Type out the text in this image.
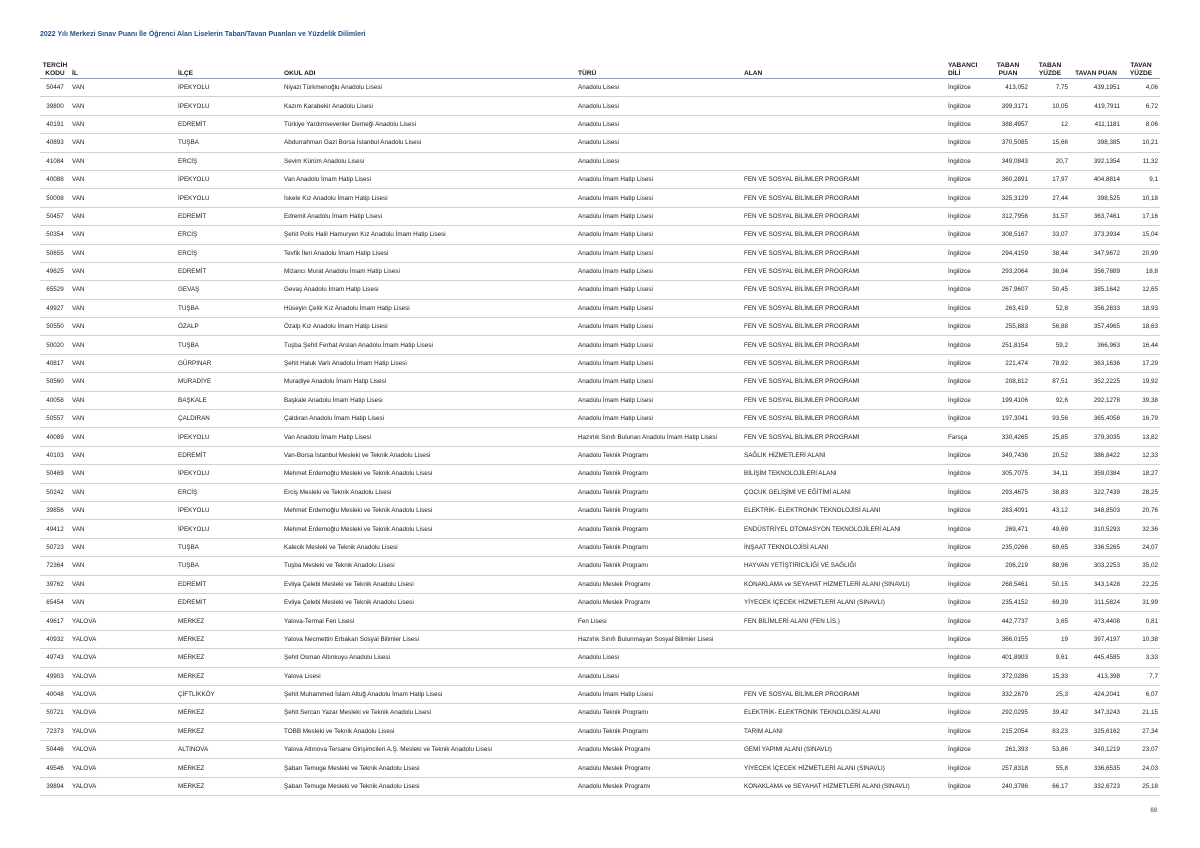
2022 Yılı Merkezi Sınav Puanı İle Öğrenci Alan Liselerin Taban/Tavan Puanları ve Yüzdelik Dilimleri
TERCİH KODU	İL	İLÇE	OKUL ADI	TÜRÜ	ALAN	YABANCI DİLİ	TABAN PUAN	TABAN YÜZDE	TAVAN PUAN	TAVAN YÜZDE
50447	VAN	İPEKYOLU	Niyazi Türkmenoğlu Anadolu Lisesi	Anadolu Lisesi		İngilizce	413,052	7,75	439,1951	4,06
39800	VAN	İPEKYOLU	Kazım Karabekir Anadolu Lisesi	Anadolu Lisesi		İngilizce	399,3171	10,05	419,7911	6,72
40191	VAN	EDREMİT	Türkiye Yardımsevenler Derneği Anadolu Lisesi	Anadolu Lisesi		İngilizce	388,4957	12	411,1181	8,06
40893	VAN	TUŞBA	Abdurrahman Gazi Borsa İstanbul Anadolu Lisesi	Anadolu Lisesi		İngilizce	370,5085	15,66	398,385	10,21
41084	VAN	ERCİŞ	Sevim Kürüm Anadolu Lisesi	Anadolu Lisesi		İngilizce	349,0843	20,7	392,1354	11,32
40088	VAN	İPEKYOLU	Van Anadolu İmam Hatip Lisesi	Anadolu İmam Hatip Lisesi	FEN VE SOSYAL BİLİMLER PROGRAMI	İngilizce	360,2891	17,97	404,8814	9,1
50008	VAN	İPEKYOLU	İskele Kız Anadolu İmam Hatip Lisesi	Anadolu İmam Hatip Lisesi	FEN VE SOSYAL BİLİMLER PROGRAMI	İngilizce	325,3129	27,44	398,525	10,18
50457	VAN	EDREMİT	Edremit Anadolu İmam Hatip Lisesi	Anadolu İmam Hatip Lisesi	FEN VE SOSYAL BİLİMLER PROGRAMI	İngilizce	312,7956	31,57	363,7461	17,16
50354	VAN	ERCİŞ	Şehit Polis Halil Hamuryen Kız Anadolu İmam Hatip Lisesi	Anadolu İmam Hatip Lisesi	FEN VE SOSYAL BİLİMLER PROGRAMI	İngilizce	308,5167	33,07	373,3934	15,04
50655	VAN	ERCİŞ	Tevfik İleri Anadolu İmam Hatip Lisesi	Anadolu İmam Hatip Lisesi	FEN VE SOSYAL BİLİMLER PROGRAMI	İngilizce	294,4159	38,44	347,9672	20,99
49625	VAN	EDREMİT	Mizancı Murat Anadolu İmam Hatip Lisesi	Anadolu İmam Hatip Lisesi	FEN VE SOSYAL BİLİMLER PROGRAMI	İngilizce	293,2064	38,94	356,7889	18,8
65529	VAN	GEVAŞ	Gevaş Anadolu İmam Hatip Lisesi	Anadolu İmam Hatip Lisesi	FEN VE SOSYAL BİLİMLER PROGRAMI	İngilizce	267,9607	50,45	385,1642	12,65
49927	VAN	TUŞBA	Hüseyin Çelik Kız Anadolu İmam Hatip Lisesi	Anadolu İmam Hatip Lisesi	FEN VE SOSYAL BİLİMLER PROGRAMI	İngilizce	263,419	52,8	356,2833	18,93
50550	VAN	ÖZALP	Özalp Kız Anadolu İmam Hatip Lisesi	Anadolu İmam Hatip Lisesi	FEN VE SOSYAL BİLİMLER PROGRAMI	İngilizce	255,883	56,88	357,4965	18,63
50020	VAN	TUŞBA	Tuşba Şehit Ferhat Arslan Anadolu İmam Hatip Lisesi	Anadolu İmam Hatip Lisesi	FEN VE SOSYAL BİLİMLER PROGRAMI	İngilizce	251,8154	59,2	366,963	16,44
40817	VAN	GÜRPINAR	Şehit Haluk Varlı Anadolu İmam Hatip Lisesi	Anadolu İmam Hatip Lisesi	FEN VE SOSYAL BİLİMLER PROGRAMI	İngilizce	221,474	78,92	363,1636	17,29
50560	VAN	MURADİYE	Muradiye Anadolu İmam Hatip Lisesi	Anadolu İmam Hatip Lisesi	FEN VE SOSYAL BİLİMLER PROGRAMI	İngilizce	208,812	87,51	352,2225	19,92
40058	VAN	BAŞKALE	Başkale Anadolu İmam Hatip Lisesi	Anadolu İmam Hatip Lisesi	FEN VE SOSYAL BİLİMLER PROGRAMI	İngilizce	199,4106	92,6	292,1278	39,38
50557	VAN	ÇALDIRAN	Çaldıran Anadolu İmam Hatip Lisesi	Anadolu İmam Hatip Lisesi	FEN VE SOSYAL BİLİMLER PROGRAMI	İngilizce	197,3041	93,56	365,4058	16,79
40089	VAN	İPEKYOLU	Van Anadolu İmam Hatip Lisesi	Hazırlık Sınıfı Bulunan Anadolu İmam Hatip Lisesi	FEN VE SOSYAL BİLİMLER PROGRAMI	Farsça	330,4265	25,85	379,3035	13,82
40103	VAN	EDREMİT	Van-Borsa İstanbul Mesleki ve Teknik Anadolu Lisesi	Anadolu Teknik Programı	SAĞLIK HİZMETLERİ ALANI	İngilizce	349,7436	20,52	386,8422	12,33
50469	VAN	İPEKYOLU	Mehmet Erdemoğlu Mesleki ve Teknik Anadolu Lisesi	Anadolu Teknik Programı	BİLİŞİM TEKNOLOJİLERİ ALANI	İngilizce	305,7075	34,11	359,0384	18,27
50242	VAN	ERCİŞ	Erciş Mesleki ve Teknik Anadolu Lisesi	Anadolu Teknik Programı	ÇOCUK GELİŞİMİ VE EĞİTİMİ ALANI	İngilizce	293,4675	38,83	322,7439	28,25
39856	VAN	İPEKYOLU	Mehmet Erdemoğlu Mesleki ve Teknik Anadolu Lisesi	Anadolu Teknik Programı	ELEKTRİK- ELEKTRONİK TEKNOLOJİSİ ALANI	İngilizce	283,4091	43,12	348,8503	20,76
49412	VAN	İPEKYOLU	Mehmet Erdemoğlu Mesleki ve Teknik Anadolu Lisesi	Anadolu Teknik Programı	ENDÜSTRİYEL OTOMASYON TEKNOLOJİLERİ ALANI	İngilizce	269,471	49,69	310,5293	32,36
50723	VAN	TUŞBA	Kalecik Mesleki ve Teknik Anadolu Lisesi	Anadolu Teknik Programı	İNŞAAT TEKNOLOJİSİ ALANI	İngilizce	235,0266	69,65	336,5265	24,07
72364	VAN	TUŞBA	Tuşba Mesleki ve Teknik Anadolu Lisesi	Anadolu Teknik Programı	HAYVAN YETİŞTİRİCİLİĞİ VE SAĞLIĞI	İngilizce	206,219	88,96	303,2253	35,02
39762	VAN	EDREMİT	Evliya Çelebi Mesleki ve Teknik Anadolu Lisesi	Anadolu Meslek Programı	KONAKLAMA ve SEYAHAT HİZMETLERİ ALANI (SINAVLI)	İngilizce	268,5461	50,15	343,1428	22,25
65454	VAN	EDREMİT	Evliya Çelebi Mesleki ve Teknik Anadolu Lisesi	Anadolu Meslek Programı	YİYECEK İÇECEK HİZMETLERİ ALANI (SINAVLI)	İngilizce	235,4152	69,39	311,5824	31,99
49617	YALOVA	MERKEZ	Yalova-Termal Fen Lisesi	Fen Lisesi	FEN BİLİMLERİ ALANI (FEN LİS.)	İngilizce	442,7737	3,65	473,4408	0,81
40932	YALOVA	MERKEZ	Yalova Necmettin Erbakan Sosyal Bilimler Lisesi	Hazırlık Sınıfı Bulunmayan Sosyal Bilimler Lisesi		İngilizce	366,0155	19	397,4197	10,38
49743	YALOVA	MERKEZ	Şehit Osman Altınkuyu Anadolu Lisesi	Anadolu Lisesi		İngilizce	401,8903	9,61	445,4585	3,33
49903	YALOVA	MERKEZ	Yalova Lisesi	Anadolu Lisesi		İngilizce	372,0286	15,33	413,398	7,7
40048	YALOVA	ÇİFTLİKKÖY	Şehit Muhammed İslam Altuğ Anadolu İmam Hatip Lisesi	Anadolu İmam Hatip Lisesi	FEN VE SOSYAL BİLİMLER PROGRAMI	İngilizce	332,2679	25,3	424,2041	6,07
50721	YALOVA	MERKEZ	Şehit Sercan Yazar Mesleki ve Teknik Anadolu Lisesi	Anadolu Teknik Programı	ELEKTRİK- ELEKTRONİK TEKNOLOJİSİ ALANI	İngilizce	292,0295	39,42	347,3243	21,15
72373	YALOVA	MERKEZ	TOBB Mesleki ve Teknik Anadolu Lisesi	Anadolu Teknik Programı	TARIM ALANI	İngilizce	215,2054	83,23	325,6162	27,34
50446	YALOVA	ALTINOVA	Yalova Altınova Tersane Girişimcileri A.Ş. Mesleki ve Teknik Anadolu Lisesi	Anadolu Meslek Programı	GEMİ YAPIMI ALANI (SINAVLI)	İngilizce	261,393	53,86	340,1219	23,07
49546	YALOVA	MERKEZ	Şaban Temuge Mesleki ve Teknik Anadolu Lisesi	Anadolu Meslek Programı	YİYECEK İÇECEK HİZMETLERİ ALANI (SINAVLI)	İngilizce	257,8318	55,8	336,6535	24,03
39894	YALOVA	MERKEZ	Şaban Temuge Mesleki ve Teknik Anadolu Lisesi	Anadolu Meslek Programı	KONAKLAMA ve SEYAHAT HİZMETLERİ ALANI (SINAVLI)	İngilizce	240,3786	66,17	332,6723	25,18
69
